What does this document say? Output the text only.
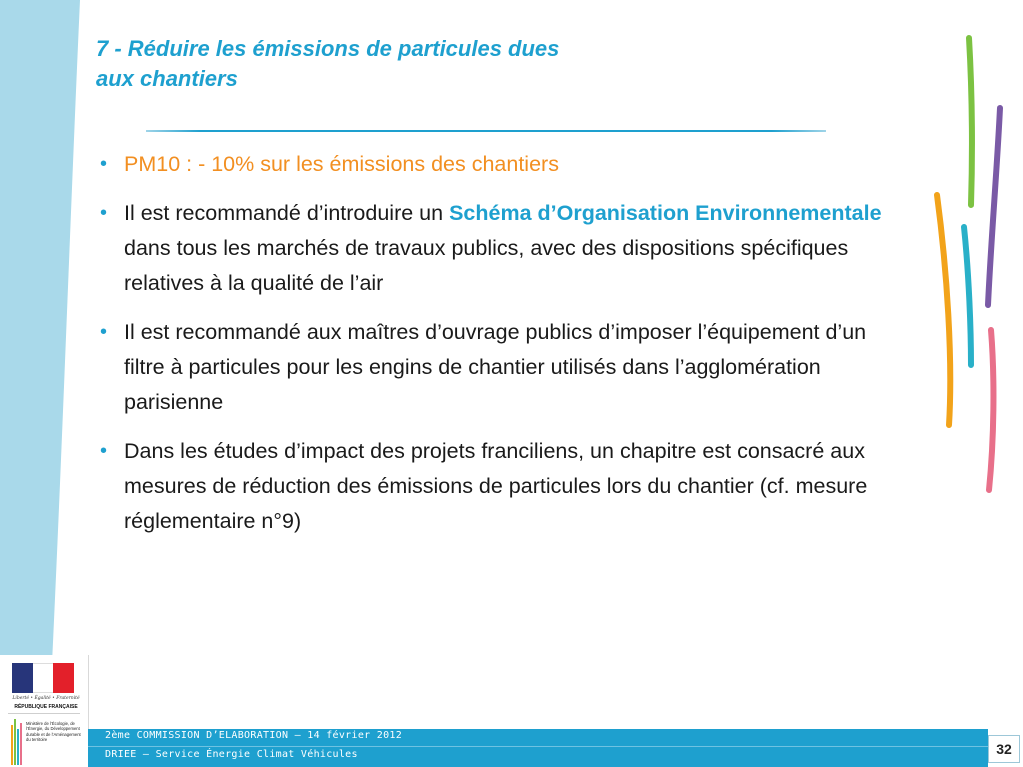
Liberté • Égalité • Fraternité
RÉPUBLIQUE FRANÇAISE
Ministère de l’Écologie, de l’Énergie, du Développement durable et de l’Aménagement du territoire
7 - Réduire les émissions de particules dues
aux chantiers
• PM10 : - 10% sur les émissions des chantiers
• Il est recommandé d’introduire un Schéma d’Organisation Environnementale dans tous les marchés de travaux publics, avec des dispositions spécifiques relatives à la qualité de l’air
• Il est recommandé aux maîtres d’ouvrage publics d’imposer l’équipement d’un filtre à particules pour les engins de chantier utilisés dans l’agglomération parisienne
• Dans les études d’impact des projets franciliens, un chapitre est consacré aux mesures de réduction des émissions de particules lors du chantier (cf. mesure réglementaire n°9)
2ème COMMISSION D’ELABORATION – 14 février 2012
DRIEE – Service Énergie Climat Véhicules	32
